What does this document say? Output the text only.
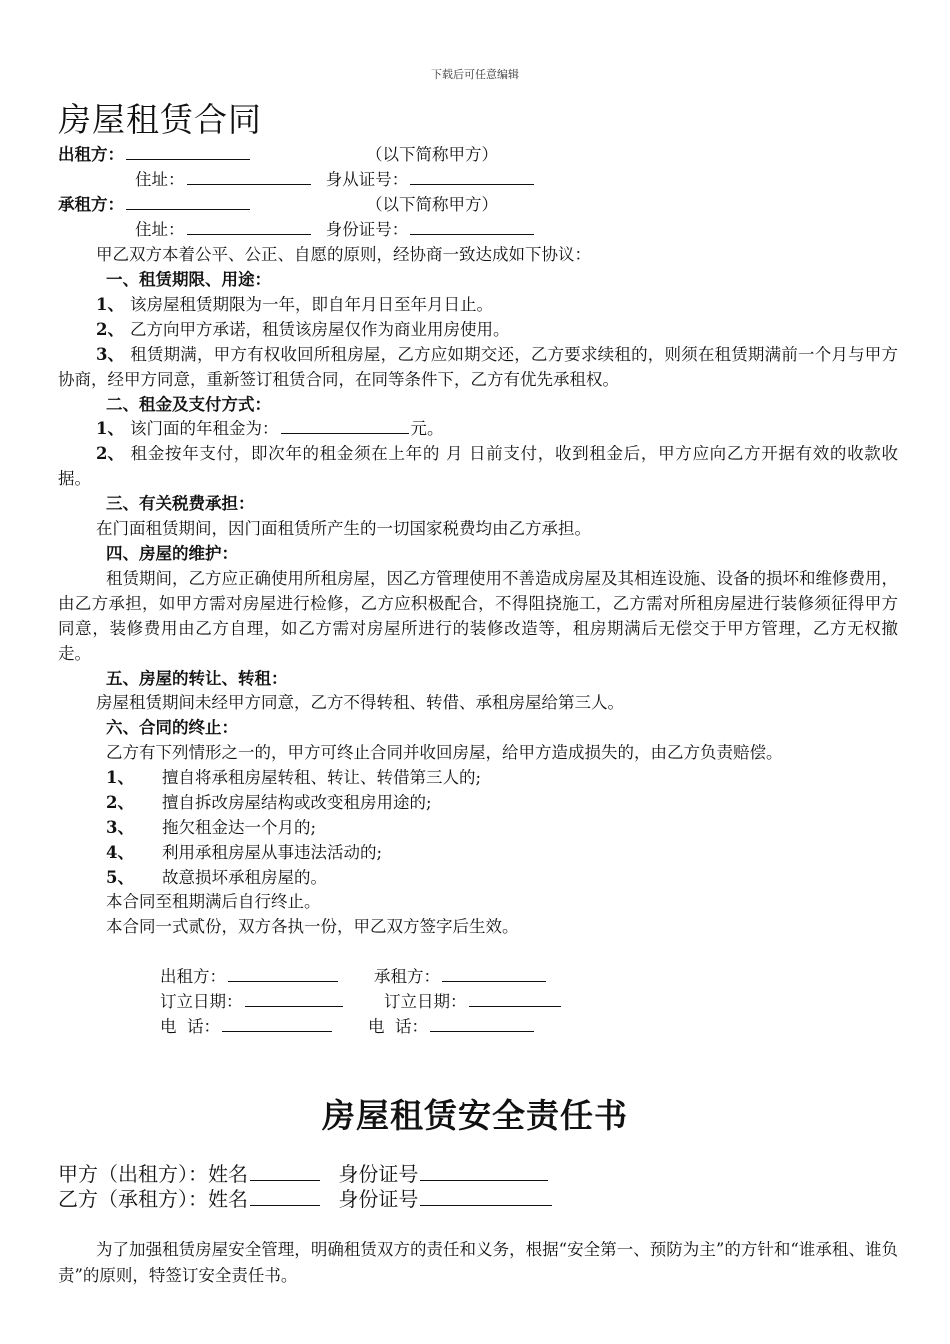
下载后可任意编辑
房屋租赁合同
出租方：	（以下简称甲方）
住址：	身从证号：
承租方：	（以下简称甲方）
住址：	身份证号：
甲乙双方本着公平、公正、自愿的原则，经协商一致达成如下协议：
一、租赁期限、用途：
1、 该房屋租赁期限为一年，即自年月日至年月日止。
2、 乙方向甲方承诺，租赁该房屋仅作为商业用房使用。
3、 租赁期满，甲方有权收回所租房屋，乙方应如期交还，乙方要求续租的，则须在租赁期满前一个月与甲方协商，经甲方同意，重新签订租赁合同，在同等条件下，乙方有优先承租权。
二、租金及支付方式：
1、 该门面的年租金为：	元。
2、 租金按年支付，即次年的租金须在上年的 月 日前支付，收到租金后，甲方应向乙方开据有效的收款收据。
三、有关税费承担：
在门面租赁期间，因门面租赁所产生的一切国家税费均由乙方承担。
四、房屋的维护：
租赁期间，乙方应正确使用所租房屋，因乙方管理使用不善造成房屋及其相连设施、设备的损坏和维修费用，由乙方承担，如甲方需对房屋进行检修，乙方应积极配合，不得阻挠施工，乙方需对所租房屋进行装修须征得甲方同意，装修费用由乙方自理，如乙方需对房屋所进行的装修改造等，租房期满后无偿交于甲方管理，乙方无权撤走。
五、房屋的转让、转租：
房屋租赁期间未经甲方同意，乙方不得转租、转借、承租房屋给第三人。
六、合同的终止：
乙方有下列情形之一的，甲方可终止合同并收回房屋，给甲方造成损失的，由乙方负责赔偿。
1、 擅自将承租房屋转租、转让、转借第三人的;
2、 擅自拆改房屋结构或改变租房用途的;
3、 拖欠租金达一个月的;
4、 利用承租房屋从事违法活动的;
5、 故意损坏承租房屋的。
本合同至租期满后自行终止。
本合同一式贰份，双方各执一份，甲乙双方签字后生效。
出租方：	承租方：
订立日期：	订立日期：
电  话：	电  话：
房屋租赁安全责任书
甲方（出租方）：姓名	身份证号
乙方（承租方）：姓名	身份证号
为了加强租赁房屋安全管理，明确租赁双方的责任和义务，根据“安全第一、预防为主”的方针和“谁承租、谁负责”的原则，特签订安全责任书。
